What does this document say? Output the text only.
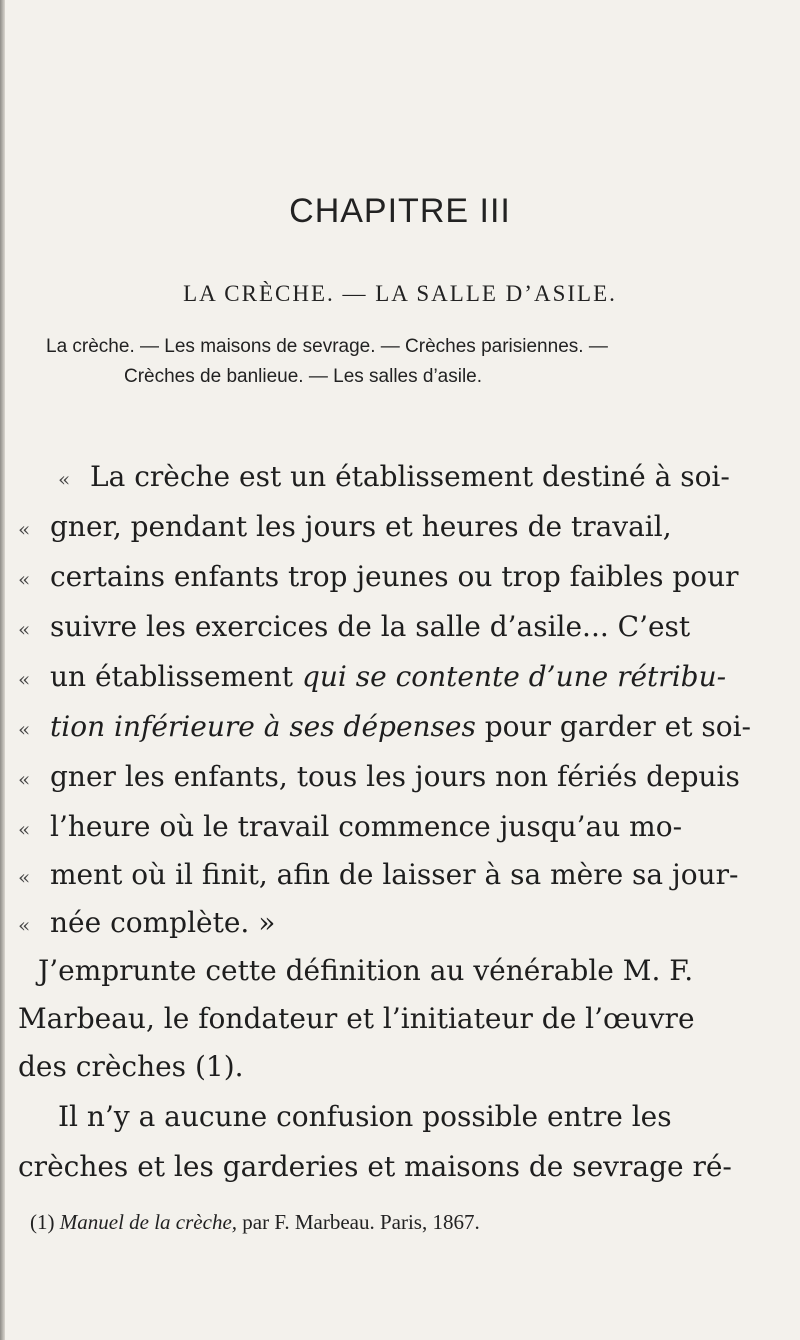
CHAPITRE III
LA CRÈCHE. — LA SALLE D’ASILE.
La crèche. — Les maisons de sevrage. — Crèches parisiennes. —
Crèches de banlieue. — Les salles d’asile.
« La crèche est un établissement destiné à soi-
« gner, pendant les jours et heures de travail,
« certains enfants trop jeunes ou trop faibles pour
« suivre les exercices de la salle d’asile... C’est
« un établissement qui se contente d’une rétribu-
« tion inférieure à ses dépenses pour garder et soi-
« gner les enfants, tous les jours non fériés depuis
« l’heure où le travail commence jusqu’au mo-
« ment où il finit, afin de laisser à sa mère sa jour-
« née complète. »
J’emprunte cette définition au vénérable M. F.
Marbeau, le fondateur et l’initiateur de l’œuvre
des crèches (1).
Il n’y a aucune confusion possible entre les
crèches et les garderies et maisons de sevrage ré-
(1) Manuel de la crèche, par F. Marbeau. Paris, 1867.
